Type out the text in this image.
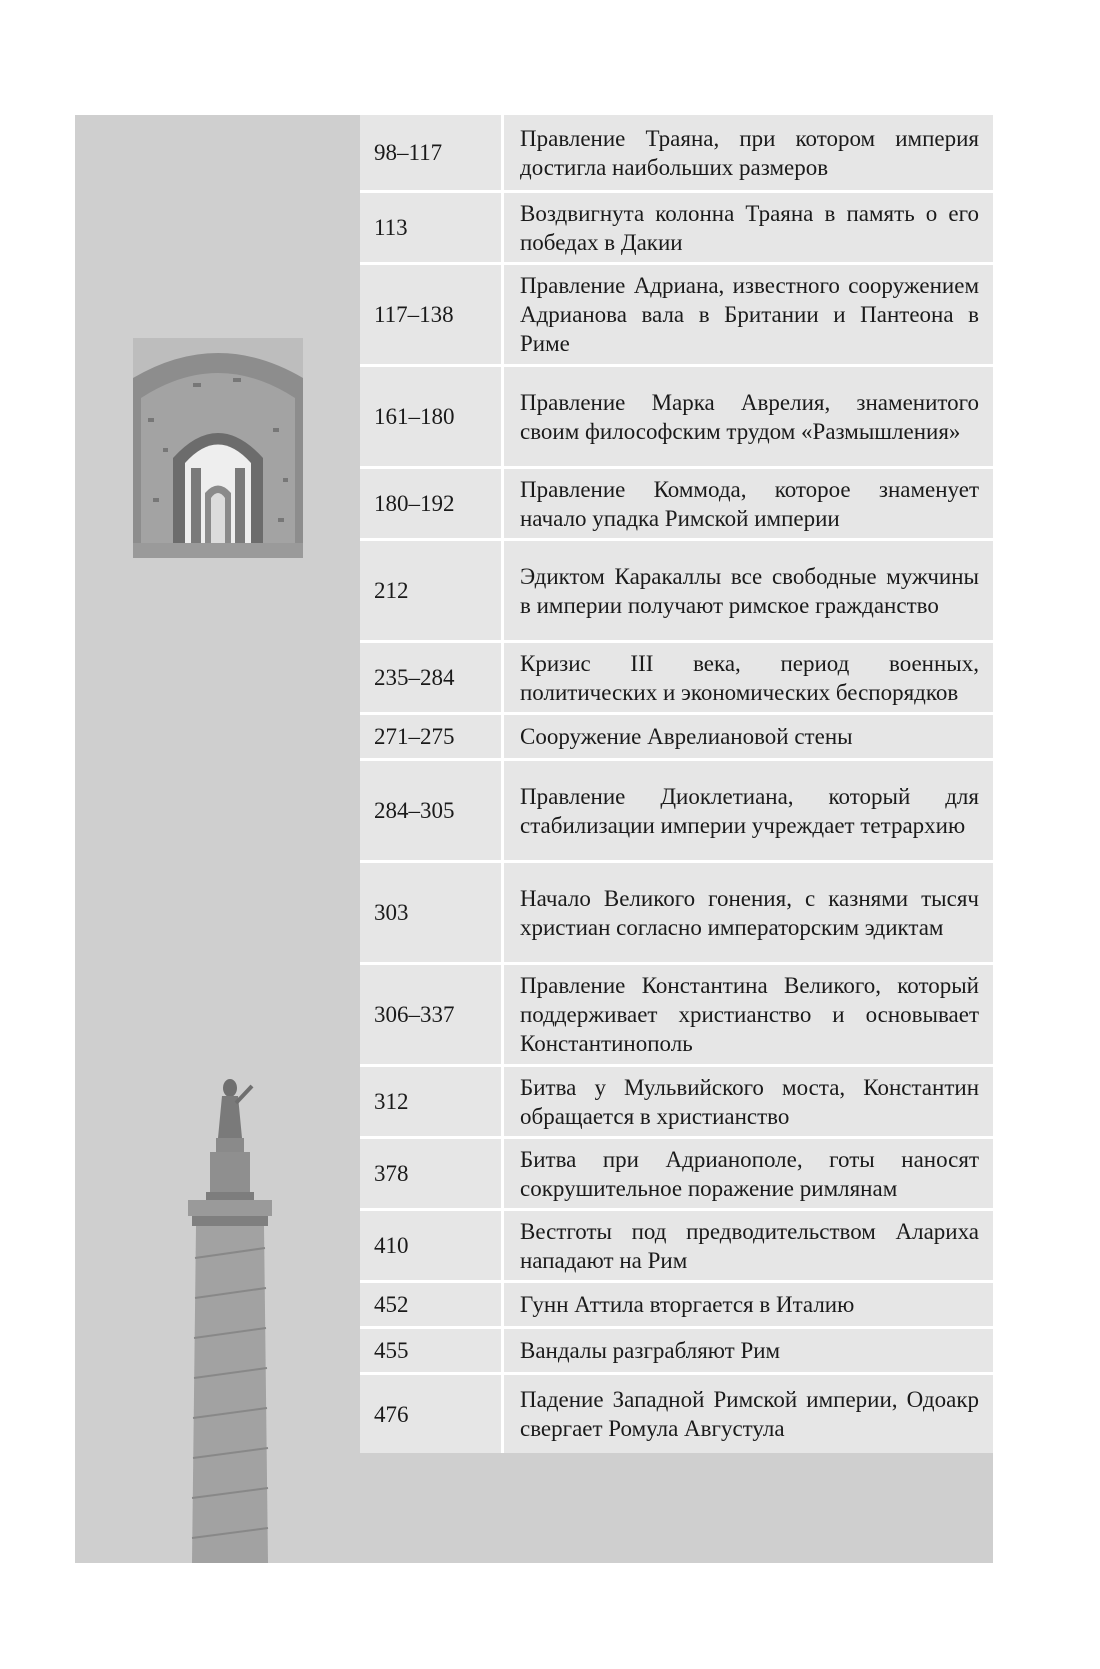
98–117	Правление Траяна, при котором империя достигла наибольших размеров
113	Воздвигнута колонна Траяна в память о его победах в Дакии
117–138	Правление Адриана, известного сооружением Адрианова вала в Британии и Пантеона в Риме
161–180	Правление Марка Аврелия, знаменитого своим философским трудом «Размышления»
180–192	Правление Коммода, которое знаменует начало упадка Римской империи
212	Эдиктом Каракаллы все свободные мужчины в империи получают римское гражданство
235–284	Кризис III века, период военных, политических и экономических беспорядков
271–275	Сооружение Аврелиановой стены
284–305	Правление Диоклетиана, который для стабилизации империи учреждает тетрархию
303	Начало Великого гонения, с казнями тысяч христиан согласно императорским эдиктам
306–337	Правление Константина Великого, который поддерживает христианство и основывает Константинополь
312	Битва у Мульвийского моста, Константин обращается в христианство
378	Битва при Адрианополе, готы наносят сокрушительное поражение римлянам
410	Вестготы под предводительством Алариха нападают на Рим
452	Гунн Аттила вторгается в Италию
455	Вандалы разграбляют Рим
476	Падение Западной Римской империи, Одоакр свергает Ромула Августула
